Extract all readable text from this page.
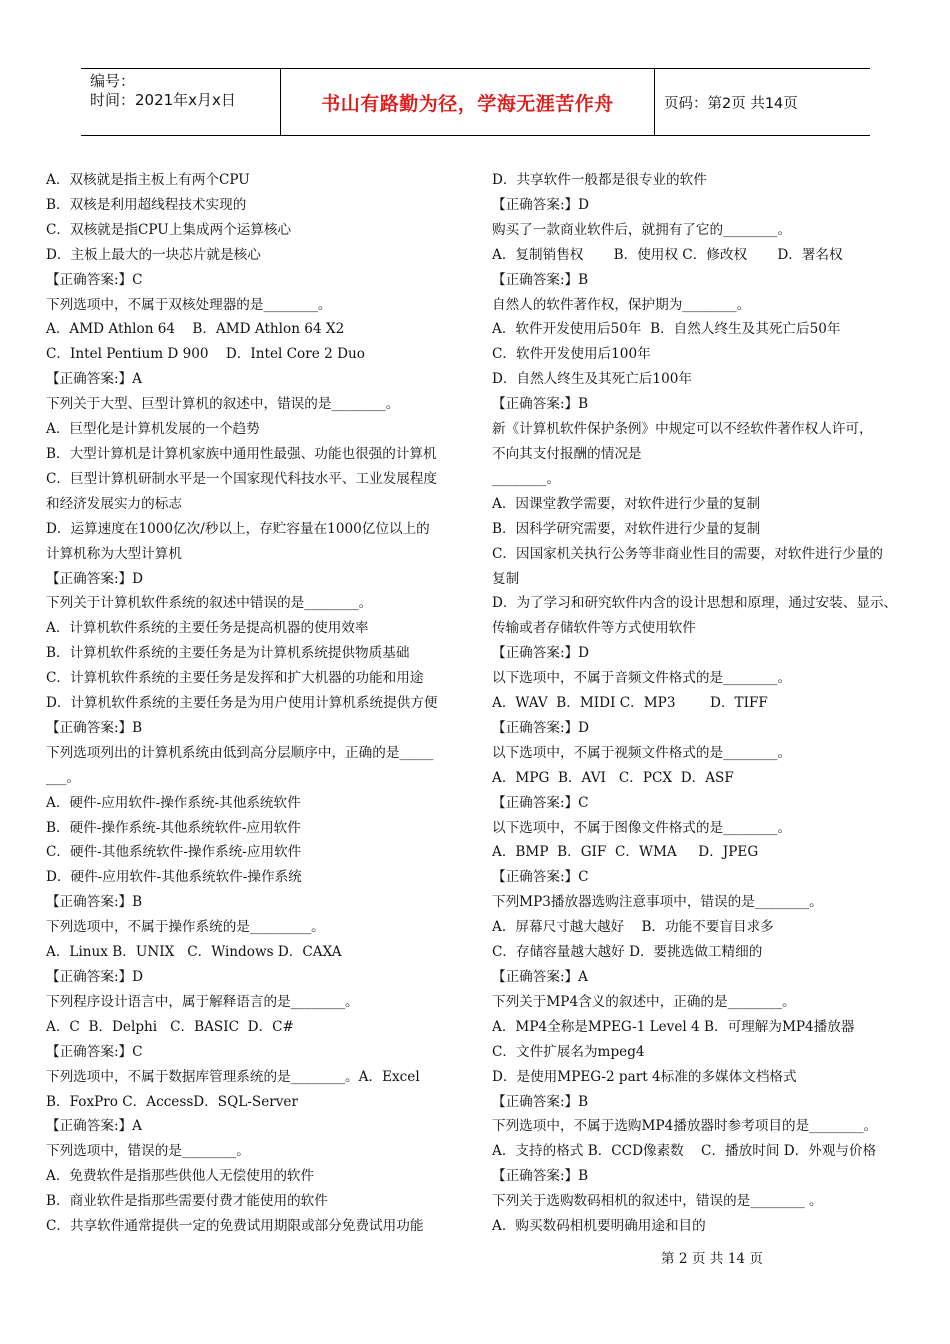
编号：
时间：2021年x月x日	书山有路勤为径，学海无涯苦作舟	页码：第2页 共14页
A．双核就是指主板上有两个CPU
B．双核是利用超线程技术实现的
C．双核就是指CPU上集成两个运算核心
D．主板上最大的一块芯片就是核心
【正确答案:】C
下列选项中，不属于双核处理器的是________。
A．AMD Athlon 64    B．AMD Athlon 64 X2
C．Intel Pentium D 900    D．Intel Core 2 Duo
【正确答案:】A
下列关于大型、巨型计算机的叙述中，错误的是________。
A．巨型化是计算机发展的一个趋势
B．大型计算机是计算机家族中通用性最强、功能也很强的计算机
C．巨型计算机研制水平是一个国家现代科技水平、工业发展程度
和经济发展实力的标志
D．运算速度在1000亿次/秒以上，存贮容量在1000亿位以上的
计算机称为大型计算机
【正确答案:】D
下列关于计算机软件系统的叙述中错误的是________。
A．计算机软件系统的主要任务是提高机器的使用效率
B．计算机软件系统的主要任务是为计算机系统提供物质基础
C．计算机软件系统的主要任务是发挥和扩大机器的功能和用途
D．计算机软件系统的主要任务是为用户使用计算机系统提供方便
【正确答案:】B
下列选项列出的计算机系统由低到高分层顺序中，正确的是_____
___。
A．硬件-应用软件-操作系统-其他系统软件
B．硬件-操作系统-其他系统软件-应用软件
C．硬件-其他系统软件-操作系统-应用软件
D．硬件-应用软件-其他系统软件-操作系统
【正确答案:】B
下列选项中，不属于操作系统的是_________。
A．Linux B．UNIX   C．Windows D．CAXA
【正确答案:】D
下列程序设计语言中，属于解释语言的是________。
A．C  B．Delphi   C．BASIC  D．C#
【正确答案:】C
下列选项中，不属于数据库管理系统的是________。A．Excel
B．FoxPro C．AccessD．SQL-Server
【正确答案:】A
下列选项中，错误的是________。
A．免费软件是指那些供他人无偿使用的软件
B．商业软件是指那些需要付费才能使用的软件
C．共享软件通常提供一定的免费试用期限或部分免费试用功能
D．共享软件一般都是很专业的软件
【正确答案:】D
购买了一款商业软件后，就拥有了它的________。
A．复制销售权       B．使用权 C．修改权       D．署名权
【正确答案:】B
自然人的软件著作权，保护期为________。
A．软件开发使用后50年  B．自然人终生及其死亡后50年
C．软件开发使用后100年
D．自然人终生及其死亡后100年
【正确答案:】B
新《计算机软件保护条例》中规定可以不经软件著作权人许可，
不向其支付报酬的情况是
________。
A．因课堂教学需要，对软件进行少量的复制
B．因科学研究需要，对软件进行少量的复制
C．因国家机关执行公务等非商业性目的需要，对软件进行少量的
复制
D．为了学习和研究软件内含的设计思想和原理，通过安装、显示、
传输或者存储软件等方式使用软件
【正确答案:】D
以下选项中，不属于音频文件格式的是________。
A．WAV  B．MIDI C．MP3        D．TIFF
【正确答案:】D
以下选项中，不属于视频文件格式的是________。
A．MPG  B．AVI   C．PCX  D．ASF
【正确答案:】C
以下选项中，不属于图像文件格式的是________。
A．BMP  B．GIF  C．WMA     D．JPEG
【正确答案:】C
下列MP3播放器选购注意事项中，错误的是________。
A．屏幕尺寸越大越好    B．功能不要盲目求多
C．存储容量越大越好 D．要挑选做工精细的
【正确答案:】A
下列关于MP4含义的叙述中，正确的是________。
A．MP4全称是MPEG-1 Level 4 B．可理解为MP4播放器
C．文件扩展名为mpeg4
D．是使用MPEG-2 part 4标准的多媒体文档格式
【正确答案:】B
下列选项中，不属于选购MP4播放器时参考项目的是________。
A．支持的格式 B．CCD像素数    C．播放时间 D．外观与价格
【正确答案:】B
下列关于选购数码相机的叙述中，错误的是________ 。
A．购买数码相机要明确用途和目的
第 2 页 共 14 页
